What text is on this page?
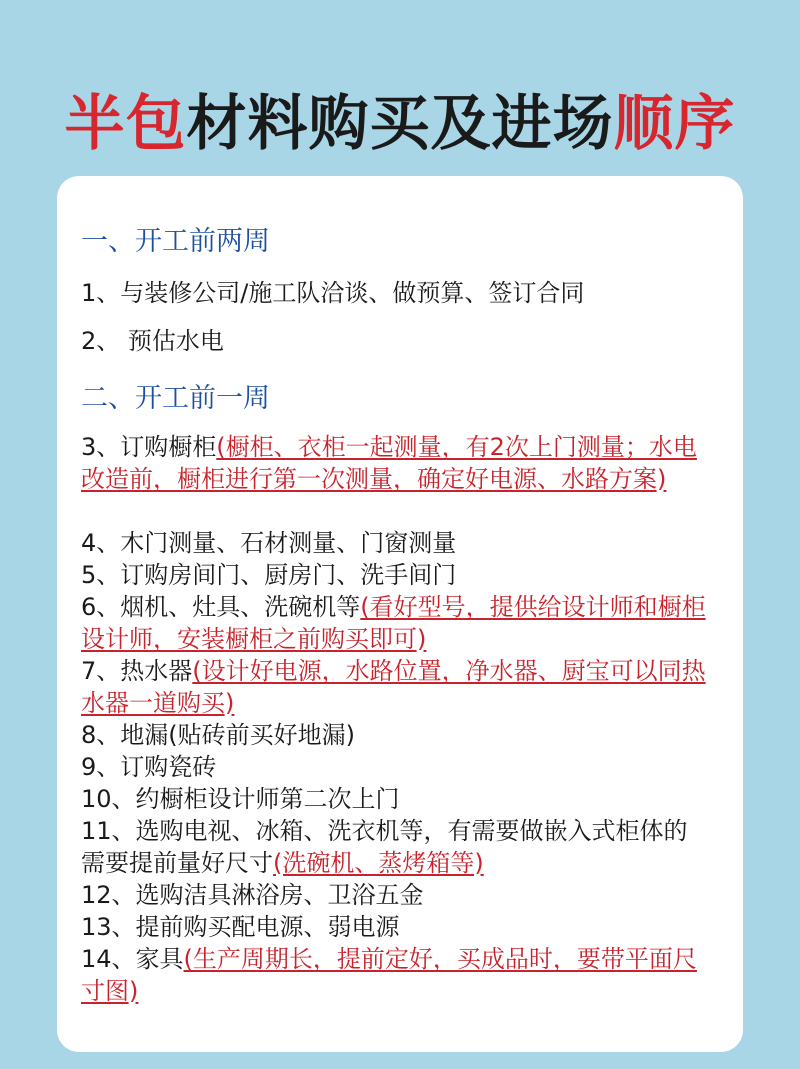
半包材料购买及进场顺序
一、开工前两周
1、与装修公司/施工队洽谈、做预算、签订合同
2、 预估水电
二、开工前一周
3、订购橱柜(橱柜、衣柜一起测量，有2次上门测量；水电改造前，橱柜进行第一次测量，确定好电源、水路方案)
4、木门测量、石材测量、门窗测量
5、订购房间门、厨房门、洗手间门
6、烟机、灶具、洗碗机等(看好型号，提供给设计师和橱柜设计师，安装橱柜之前购买即可)
7、热水器(设计好电源，水路位置，净水器、厨宝可以同热水器一道购买)
8、地漏(贴砖前买好地漏)
9、订购瓷砖
10、约橱柜设计师第二次上门
11、选购电视、冰箱、洗衣机等，有需要做嵌入式柜体的需要提前量好尺寸(洗碗机、蒸烤箱等)
12、选购洁具淋浴房、卫浴五金
13、提前购买配电源、弱电源
14、家具(生产周期长，提前定好，买成品时，要带平面尺寸图)
